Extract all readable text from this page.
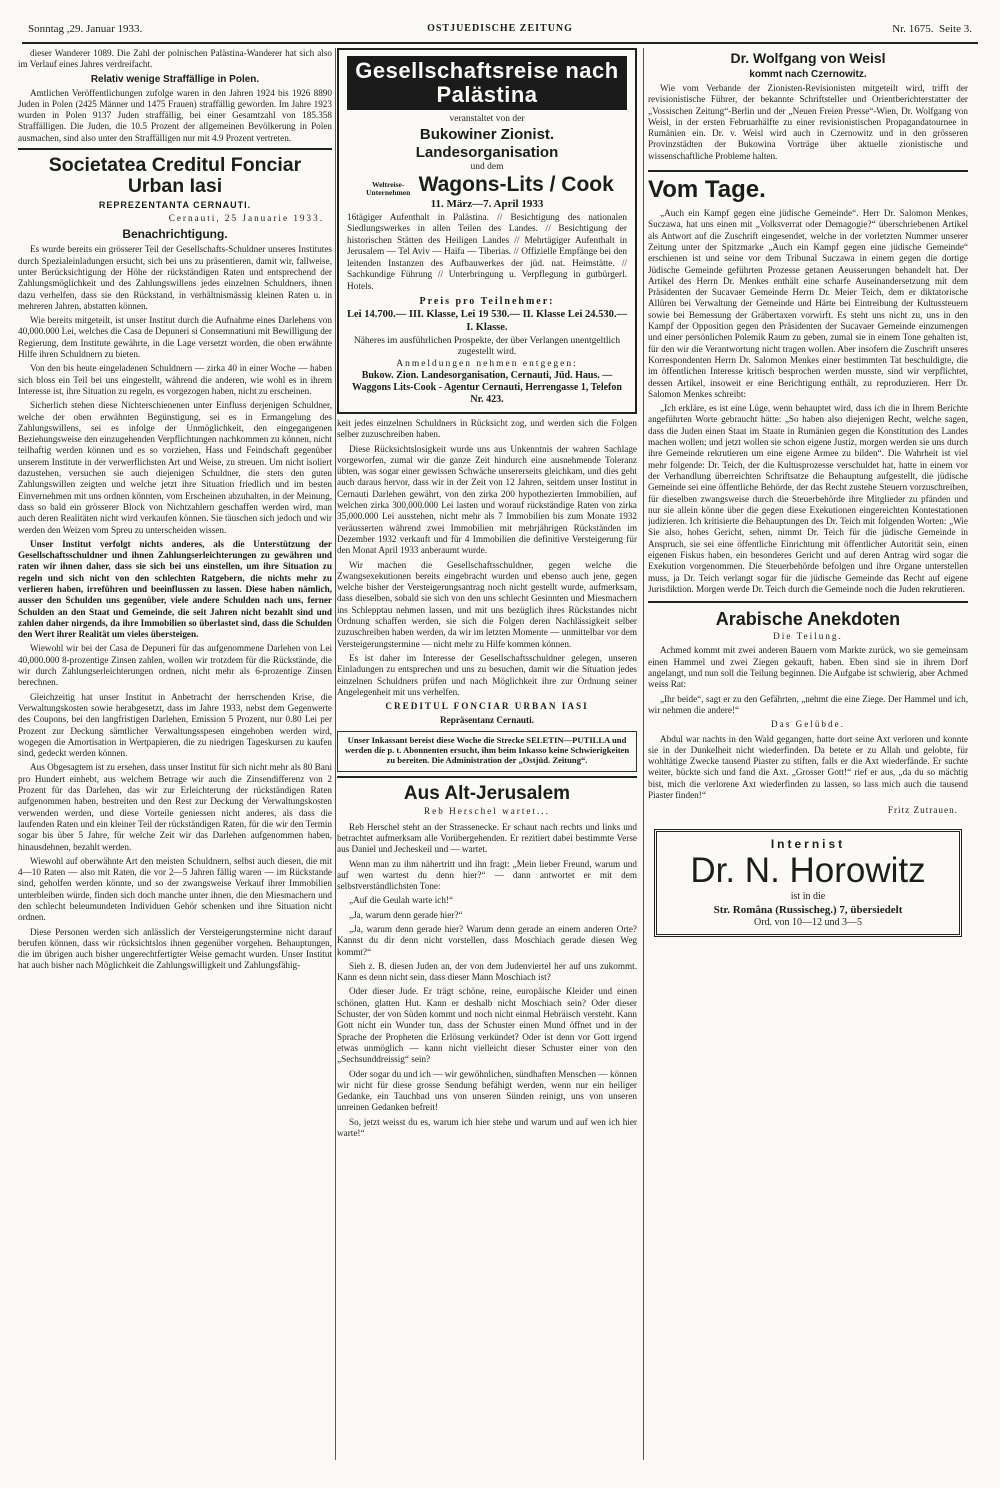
Sonntag ,29. Januar 1933.	OSTJUEDISCHE ZEITUNG	Nr. 1675. Seite 3.

dieser Wanderer 1089. Die Zahl der polnischen Palästina-Wanderer hat sich also im Verlauf eines Jahres verdreifacht.

Relativ wenige Straffällige in Polen.

Amtlichen Veröffentlichungen zufolge waren in den Jahren 1924 bis 1926 8890 Juden in Polen (2425 Männer und 1475 Frauen) straffällig geworden. Im Jahre 1923 wurden in Polen 9137 Juden straffällig, bei einer Gesamtzahl von 185.358 Straffälligen. Die Juden, die 10.5 Prozent der allgemeinen Bevölkerung in Polen ausmachen, sind also unter den Straffälligen nur mit 4.9 Prozent vertreten.

Societatea Creditul Fonciar Urban Iasi
REPREZENTANTA CERNAUTI.

Cernauti, 25 Januarie 1933.

Benachrichtigung.

Es wurde bereits ein grösserer Teil der Gesellschafts-Schuldner unseres Institutes durch Spezialeinladungen ersucht, sich bei uns zu präsentieren, damit wir, fallweise, unter Berücksichtigung der Höhe der rückständigen Raten und entsprechend der Zahlungsmöglichkeit und des Zahlungswillens jedes einzelnen Schuldners, ihnen dazu verhelfen, dass sie den Rückstand, in verhältnismässig kleinen Raten u. in mehreren Jahren, abstatten können.

Wie bereits mitgeteilt, ist unser Institut durch die Aufnahme eines Darlehens von 40,000.000 Lei, welches die Casa de Depuneri si Consemnatiuni mit Bewilligung der Regierung, dem Institute gewährte, in die Lage versetzt worden, die oben erwähnte Hilfe ihren Schuldnern zu bieten.

Von den bis heute eingeladenen Schuldnern — zirka 40 in einer Woche — haben sich bloss ein Teil bei uns eingestellt, während die anderen, wie wohl es in ihrem Interesse ist, ihre Situation zu regeln, es vorgezogen haben, nicht zu erscheinen.

Sicherlich stehen diese Nichterschienenen unter Einfluss derjenigen Schuldner, welche der oben erwähnten Begünstigung, sei es in Ermangelung des Zahlungswillens, sei es infolge der Unmöglichkeit, den eingegangenen Beziehungsweise den einzugehenden Verpflichtungen nachkommen zu können, nicht teilhaftig werden können und es so vorziehen, Hass und Feindschaft gegenüber unserem Institute in der verwerflichsten Art und Weise, zu streuen. Um nicht isoliert dazustehen, versuchen sie auch diejenigen Schuldner, die stets den guten Zahlungswillen zeigten und welche jetzt ihre Situation friedlich und im besten Einvernehmen mit uns ordnen könnten, vom Erscheinen abzuhalten, in der Meinung, dass so bald ein grösserer Block von Nichtzahlern geschaffen werden wird, man auch deren Realitäten nicht wird verkaufen können. Sie täuschen sich jedoch und wir werden den Weizen vom Spreu zu unterscheiden wissen.

Unser Institut verfolgt nichts anderes, als die Unterstützung der Gesellschaftsschuldner und ihnen Zahlungserleichterungen zu gewähren und raten wir ihnen daher, dass sie sich bei uns einstellen, um ihre Situation zu regeln und sich nicht von den schlechten Ratgebern, die nichts mehr zu verlieren haben, irreführen und beeinflussen zu lassen. Diese haben nämlich, ausser den Schulden uns gegenüber, viele andere Schulden nach uns, ferner Schulden an den Staat und Gemeinde, die seit Jahren nicht bezahlt sind und zahlen daher nirgends, da ihre Immobilien so überlastet sind, dass die Schulden den Wert ihrer Realität um vieles übersteigen.

Wiewohl wir bei der Casa de Depuneri für das aufgenommene Darlehen von Lei 40,000.000 8-prozentige Zinsen zahlen, wollen wir trotzdem für die Rückstände, die wir durch Zahlungserleichterungen ordnen, nicht mehr als 6-prozentige Zinsen berechnen.

Gleichzeitig hat unser Institut in Anbetracht der herrschenden Krise, die Verwaltungskosten sowie herabgesetzt, dass im Jahre 1933, nebst dem Gegenwerte des Coupons, bei den langfristigen Darlehen, Emission 5 Prozent, nur 0.80 Lei per Prozent zur Deckung sämtlicher Verwaltungsspesen eingehoben werden wird, wogegen die Amortisation in Wertpapieren, die zu niedrigen Tageskursen zu kaufen sind, gedeckt werden können.

Aus Obgesagtem ist zu ersehen, dass unser Institut für sich nicht mehr als 80 Bani pro Hundert einhebt, aus welchem Betrage wir auch die Zinsendifferenz von 2 Prozent für das Darlehen, das wir zur Erleichterung der rückständigen Raten aufgenommen haben, bestreiten und den Rest zur Deckung der Verwaltungskosten verwenden werden, und diese Vorteile geniessen nicht anderes, als dass die laufenden Raten und ein kleiner Teil der rückständigen Raten, für die wir den Termin sogar bis über 5 Jahre, für welche Zeit wir das Darlehen aufgenommen haben, hinausdehnen, bezahlt werden.

Wiewohl auf oberwähnte Art den meisten Schuldnern, selbst auch diesen, die mit 4—10 Raten — also mit Raten, die vor 2—5 Jahren fällig waren — im Rückstande sind, geholfen werden könnte, und so der zwangsweise Verkauf ihrer Immobilien unterbleiben würde, finden sich doch manche unter ihnen, die den Miesmachern und den schlecht beleumundeten Individuen Gehör schenken und ihre Situation nicht ordnen.

Diese Personen werden sich anlässlich der Versteigerungstermine nicht darauf berufen können, dass wir rücksichtslos ihnen gegenüber vorgehen. Behauptungen, die im übrigen auch bisher ungerechtfertigter Weise gemacht wurden. Unser Institut hat auch bisher nach Möglichkeit die Zahlungswilligkeit und Zahlungsfähig-

Gesellschaftsreise nach Palästina
veranstaltet von der
Bukowiner Zionist. Landesorganisation
und dem
Weltreise-Unternehmen Wagons-Lits / Cook
11. März—7. April 1933

16tägiger Aufenthalt in Palästina. // Besichtigung des nationalen Siedlungswerkes in allen Teilen des Landes. // Besichtigung der historischen Stätten des Heiligen Landes // Mehrtägiger Aufenthalt in Jerusalem — Tel Aviv — Haifa — Tiberias. // Offizielle Empfänge bei den leitenden Instanzen des Aufbauwerkes der jüd. nat. Heimstätte. // Sachkundige Führung // Unterbringung u. Verpflegung in gutbürgerl. Hotels.

Preis pro Teilnehmer:
Lei 14.700.— III. Klasse, Lei 19 530.— II. Klasse Lei 24.530.— I. Klasse.
Näheres im ausführlichen Prospekte, der über Verlangen unentgeltlich zugestellt wird.
Anmeldungen nehmen entgegen:
Bukow. Zion. Landesorganisation, Cernauti, Jüd. Haus. — Waggons Lits-Cook - Agentur Cernauti, Herrengasse 1, Telefon Nr. 423.

keit jedes einzelnen Schuldners in Rücksicht zog, und werden sich die Folgen selber zuzuschreiben haben.

Diese Rücksichtslosigkeit wurde uns aus Unkenntnis der wahren Sachlage vorgeworfen, zumal wir die ganze Zeit hindurch eine ausnehmende Toleranz übten, was sogar einer gewissen Schwäche unsererseits gleichkam, und dies geht auch daraus hervor, dass wir in der Zeit von 12 Jahren, seitdem unser Institut in Cernauti Darlehen gewährt, von den zirka 200 hypothezierten Immobilien, auf welchen zirka 300,000.000 Lei lasten und worauf rückständige Raten von zirka 35,000.000 Lei ausstehen, nicht mehr als 7 Immobilien bis zum Monate 1932 veräusserten während zwei Immobilien mit mehrjährigen Rückständen im Dezember 1932 verkauft und für 4 Immobilien die definitive Versteigerung für den Monat April 1933 anberaumt wurde.

Wir machen die Gesellschaftsschuldner, gegen welche die Zwangsexekutionen bereits eingebracht wurden und ebenso auch jene, gegen welche bisher der Versteigerungsantrag noch nicht gestellt wurde, aufmerksam, dass dieselben, sobald sie sich von den uns schlecht Gesinnten und Miesmachern ins Schlepptau nehmen lassen, und mit uns bezüglich ihres Rückstandes nicht Ordnung schaffen werden, sie sich die Folgen deren Nachlässigkeit selber zuzuschreiben haben werden, da wir im letzten Momente — unmittelbar vor dem Versteigerungstermine — nicht mehr zu Hilfe kommen können.

Es ist daher im Interesse der Gesellschaftsschuldner gelegen, unseren Einladungen zu entsprechen und uns zu besuchen, damit wir die Situation jedes einzelnen Schuldners prüfen und nach Möglichkeit ihre zur Ordnung seiner Angelegenheit mit uns verhelfen.

CREDITUL FONCIAR URBAN IASI

Repräsentanz Cernauti.

Unser Inkassant bereist diese Woche die Strecke SELETIN—PUTILLA und werden die p. t. Abonnenten ersucht, ihm beim Inkasso keine Schwierigkeiten zu bereiten. Die Administration der „Ostjüd. Zeitung“.

Aus Alt-Jerusalem

Reb Herschel wartet...

Reb Herschel steht an der Strassenecke. Er schaut nach rechts und links und betrachtet aufmerksam alle Vorübergehenden. Er rezitiert dabei bestimmte Verse aus Daniel und Jecheskeil und — wartet.

Wenn man zu ihm nähertritt und ihn fragt: „Mein lieber Freund, warum und auf wen wartest du denn hier?“ — dann antwortet er mit dem selbstverständlichsten Tone:

„Auf die Geulah warte ich!“

„Ja, warum denn gerade hier?“

„Ja, warum denn gerade hier? Warum denn gerade an einem anderen Orte? Kannst du dir denn nicht vorstellen, dass Moschiach gerade diesen Weg kommt?“

Sieh z. B. diesen Juden an, der von dem Judenviertel her auf uns zukommt. Kann es denn nicht sein, dass dieser Mann Moschiach ist?

Oder dieser Jude. Er trägt schöne, reine, europäische Kleider und einen schönen, glatten Hut. Kann er deshalb nicht Moschiach sein? Oder dieser Schuster, der von Süden kommt und noch nicht einmal Hebräisch versteht. Kann Gott nicht ein Wunder tun, dass der Schuster einen Mund öffnet und in der Sprache der Propheten die Erlösung verkündet? Oder ist denn vor Gott irgend etwas unmöglich — kann nicht vielleicht dieser Schuster einer von den „Sechsunddreissig“ sein?

Oder sogar du und ich — wir gewöhnlichen, sündhaften Menschen — können wir nicht für diese grosse Sendung befähigt werden, wenn nur ein heiliger Gedanke, ein Tauchbad uns von unseren Sünden reinigt, uns von unseren unreinen Gedanken befreit!

So, jetzt weisst du es, warum ich hier stehe und warum und auf wen ich hier warte!“

Dr. Wolfgang von Weisl
kommt nach Czernowitz.

Wie vom Verbande der Zionisten-Revisionisten mitgeteilt wird, trifft der revisionistische Führer, der bekannte Schriftsteller und Orientberichterstatter der „Vossischen Zeitung“-Berlin und der „Neuen Freien Presse“-Wien, Dr. Wolfgang von Weisl, in der ersten Februarhälfte zu einer revisionistischen Propagandatournee in Rumänien ein. Dr. v. Weisl wird auch in Czernowitz und in den grösseren Provinzstädten der Bukowina Vorträge über aktuelle zionistische und wissenschaftliche Probleme halten.

Vom Tage.

„Auch ein Kampf gegen eine jüdische Gemeinde“. Herr Dr. Salomon Menkes, Suczawa, hat uns einen mit „Volksverrat oder Demagogie?“ überschriebenen Artikel als Antwort auf die Zuschrift eingesendet, welche in der vorletzten Nummer unserer Zeitung unter der Spitzmarke „Auch ein Kampf gegen eine jüdische Gemeinde“ erschienen ist und seine vor dem Tribunal Suczawa in einem gegen die dortige Jüdische Gemeinde geführten Prozesse getanen Aeusserungen behandelt hat. Der Artikel des Herrn Dr. Menkes enthält eine scharfe Auseinandersetzung mit dem Präsidenten der Sucavaer Gemeinde Herrn Dr. Meier Teich, dem er diktatorische Allüren bei Verwaltung der Gemeinde und Härte bei Eintreibung der Kultussteuern sowie bei Bemessung der Gräbertaxen vorwirft. Es steht uns nicht zu, uns in den Kampf der Opposition gegen den Präsidenten der Sucavaer Gemeinde einzumengen und einer persönlichen Polemik Raum zu geben, zumal sie in einem Tone gehalten ist, für den wir die Verantwortung nicht tragen wollen. Aber insofern die Zuschrift unseres Korrespondenten Herrn Dr. Salomon Menkes einer bestimmten Tat beschuldigte, die im öffentlichen Interesse kritisch besprochen werden musste, sind wir verpflichtet, dessen Artikel, insoweit er eine Berichtigung enthält, zu reproduzieren. Herr Dr. Salomon Menkes schreibt:

„Ich erkläre, es ist eine Lüge, wenn behauptet wird, dass ich die in Ihrem Berichte angeführten Worte gebraucht hätte: „So haben also diejenigen Recht, welche sagen, dass die Juden einen Staat im Staate in Rumänien gegen die Konstitution des Landes machen wollen; und jetzt wollen sie schon eigene Justiz, morgen werden sie uns durch ihre Gemeinde rekrutieren um eine eigene Armee zu bilden“. Die Wahrheit ist viel mehr folgende: Dr. Teich, der die Kultusprozesse verschuldet hat, hatte in einem vor der Verhandlung überreichten Schriftsatze die Behauptung aufgestellt, die jüdische Gemeinde sei eine öffentliche Behörde, der das Recht zustehe Steuern vorzuschreiben, für dieselben zwangsweise durch die Steuerbehörde ihre Mitglieder zu pfänden und nur sie allein könne über die gegen diese Exekutionen eingereichten Kontestationen judizieren. Ich kritisierte die Behauptungen des Dr. Teich mit folgenden Worten: „Wie Sie also, hohes Gericht, sehen, nimmt Dr. Teich für die jüdische Gemeinde in Anspruch, sie sei eine öffentliche Einrichtung mit öffentlicher Autorität sein, einen eigenen Fiskus haben, ein besonderes Gericht und auf deren Antrag wird sogar die Exekution vorgenommen. Die Steuerbehörde befolgen und ihre Organe unterstellen muss, ja Dr. Teich verlangt sogar für die jüdische Gemeinde das Recht auf eigene Jurisdiktion. Morgen werde Dr. Teich durch die Gemeinde noch die Juden rekrutieren.

Arabische Anekdoten

Die Teilung.

Achmed kommt mit zwei anderen Bauern vom Markte zurück, wo sie gemeinsam einen Hammel und zwei Ziegen gekauft, haben. Eben sind sie in ihrem Dorf angelangt, und nun soll die Teilung beginnen. Die Aufgabe ist schwierig, aber Achmed weiss Rat:

„Ihr beide“, sagt er zu den Gefährten, „nehmt die eine Ziege. Der Hammel und ich, wir nehmen die andere!“

Das Gelübde.

Abdul war nachts in den Wald gegangen, hatte dort seine Axt verloren und konnte sie in der Dunkelheit nicht wiederfinden. Da betete er zu Allah und gelobte, für wohltätige Zwecke tausend Piaster zu stiften, falls er die Axt wiederfände. Er suchte weiter, bückte sich und fand die Axt. „Grosser Gott!“ rief er aus, „da du so mächtig bist, mich die verlorene Axt wiederfinden zu lassen, so lass mich auch die tausend Piaster finden!“

Fritz Zutrauen.
Internist
Dr. N. Horowitz
ist in die
Str. Româna (Russischeg.) 7, übersiedelt
Ord. von 10—12 und 3—5
